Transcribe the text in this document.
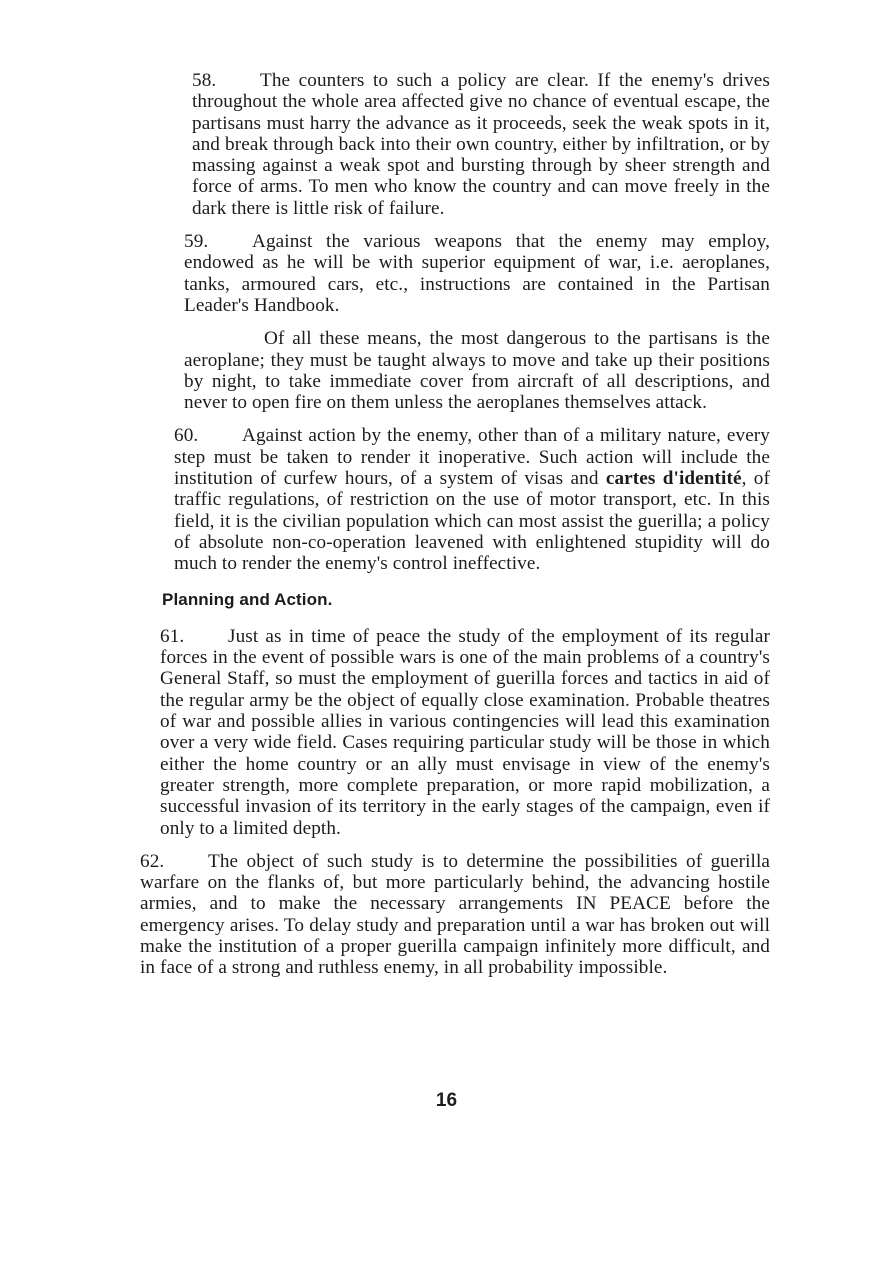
58. The counters to such a policy are clear. If the enemy's drives throughout the whole area affected give no chance of eventual escape, the partisans must harry the advance as it proceeds, seek the weak spots in it, and break through back into their own country, either by infiltration, or by massing against a weak spot and bursting through by sheer strength and force of arms. To men who know the country and can move freely in the dark there is little risk of failure.

59. Against the various weapons that the enemy may employ, endowed as he will be with superior equipment of war, i.e. aeroplanes, tanks, armoured cars, etc., instructions are contained in the Partisan Leader's Handbook.

Of all these means, the most dangerous to the partisans is the aeroplane; they must be taught always to move and take up their positions by night, to take immediate cover from aircraft of all descriptions, and never to open fire on them unless the aeroplanes themselves attack.

60. Against action by the enemy, other than of a military nature, every step must be taken to render it inoperative. Such action will include the institution of curfew hours, of a system of visas and cartes d'identité, of traffic regulations, of restriction on the use of motor transport, etc. In this field, it is the civilian population which can most assist the guerilla; a policy of absolute non-co-operation leavened with enlightened stupidity will do much to render the enemy's control ineffective.

Planning and Action.

61. Just as in time of peace the study of the employment of its regular forces in the event of possible wars is one of the main problems of a country's General Staff, so must the employment of guerilla forces and tactics in aid of the regular army be the object of equally close examination. Probable theatres of war and possible allies in various contingencies will lead this examination over a very wide field. Cases requiring particular study will be those in which either the home country or an ally must envisage in view of the enemy's greater strength, more complete preparation, or more rapid mobilization, a successful invasion of its territory in the early stages of the campaign, even if only to a limited depth.

62. The object of such study is to determine the possibilities of guerilla warfare on the flanks of, but more particularly behind, the advancing hostile armies, and to make the necessary arrangements IN PEACE before the emergency arises. To delay study and preparation until a war has broken out will make the institution of a proper guerilla campaign infinitely more difficult, and in face of a strong and ruthless enemy, in all probability impossible.

16
